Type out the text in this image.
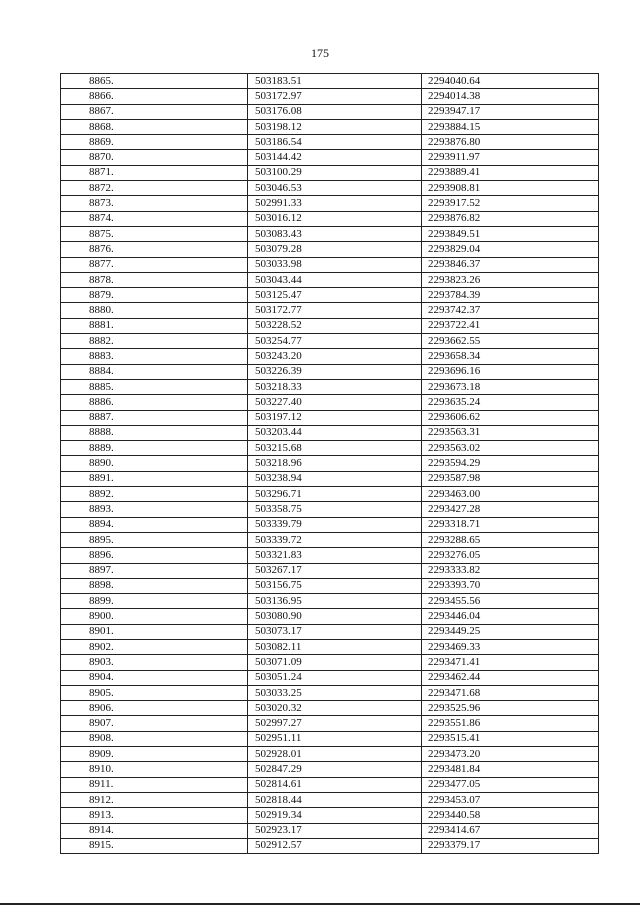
175
8865.	503183.51	2294040.64
8866.	503172.97	2294014.38
8867.	503176.08	2293947.17
8868.	503198.12	2293884.15
8869.	503186.54	2293876.80
8870.	503144.42	2293911.97
8871.	503100.29	2293889.41
8872.	503046.53	2293908.81
8873.	502991.33	2293917.52
8874.	503016.12	2293876.82
8875.	503083.43	2293849.51
8876.	503079.28	2293829.04
8877.	503033.98	2293846.37
8878.	503043.44	2293823.26
8879.	503125.47	2293784.39
8880.	503172.77	2293742.37
8881.	503228.52	2293722.41
8882.	503254.77	2293662.55
8883.	503243.20	2293658.34
8884.	503226.39	2293696.16
8885.	503218.33	2293673.18
8886.	503227.40	2293635.24
8887.	503197.12	2293606.62
8888.	503203.44	2293563.31
8889.	503215.68	2293563.02
8890.	503218.96	2293594.29
8891.	503238.94	2293587.98
8892.	503296.71	2293463.00
8893.	503358.75	2293427.28
8894.	503339.79	2293318.71
8895.	503339.72	2293288.65
8896.	503321.83	2293276.05
8897.	503267.17	2293333.82
8898.	503156.75	2293393.70
8899.	503136.95	2293455.56
8900.	503080.90	2293446.04
8901.	503073.17	2293449.25
8902.	503082.11	2293469.33
8903.	503071.09	2293471.41
8904.	503051.24	2293462.44
8905.	503033.25	2293471.68
8906.	503020.32	2293525.96
8907.	502997.27	2293551.86
8908.	502951.11	2293515.41
8909.	502928.01	2293473.20
8910.	502847.29	2293481.84
8911.	502814.61	2293477.05
8912.	502818.44	2293453.07
8913.	502919.34	2293440.58
8914.	502923.17	2293414.67
8915.	502912.57	2293379.17
